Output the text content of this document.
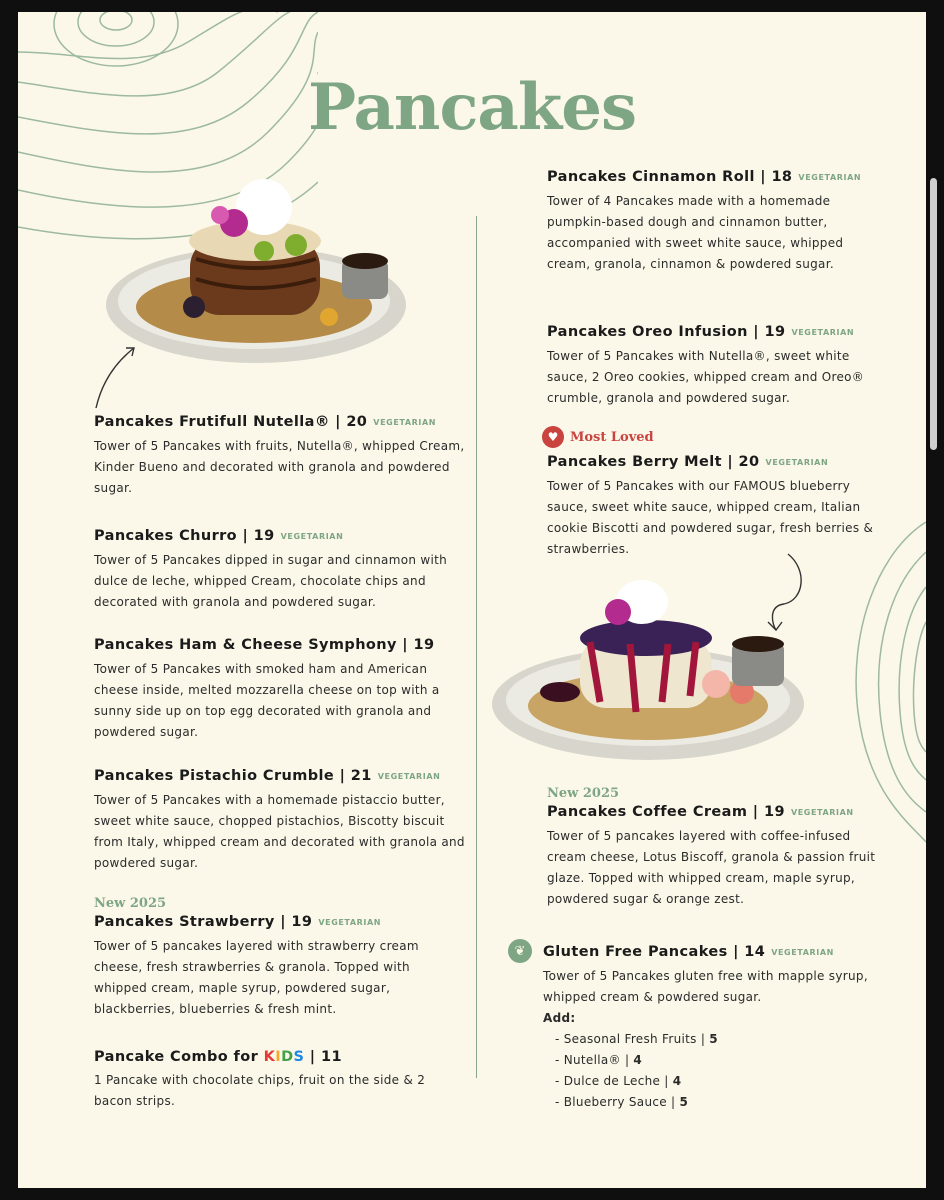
Pancakes
Pancakes Frutifull Nutella® | 20 VEGETARIAN
Tower of 5 Pancakes with fruits, Nutella®, whipped Cream, Kinder Bueno and decorated with granola and powdered sugar.
Pancakes Churro | 19 VEGETARIAN
Tower of 5 Pancakes dipped in sugar and cinnamon with dulce de leche, whipped Cream, chocolate chips and decorated with granola and powdered sugar.
Pancakes Ham & Cheese Symphony | 19
Tower of 5 Pancakes with smoked ham and American cheese inside, melted mozzarella cheese on top with a sunny side up on top egg decorated with granola and powdered sugar.
Pancakes Pistachio Crumble | 21 VEGETARIAN
Tower of 5 Pancakes with a homemade pistaccio butter, sweet white sauce, chopped pistachios, Biscotty biscuit from Italy, whipped cream and decorated with granola and powdered sugar.
New 2025
Pancakes Strawberry | 19 VEGETARIAN
Tower of 5 pancakes layered with strawberry cream cheese, fresh strawberries & granola. Topped with whipped cream, maple syrup, powdered sugar, blackberries, blueberries & fresh mint.
Pancake Combo for KIDS | 11
1 Pancake with chocolate chips, fruit on the side & 2 bacon strips.
Pancakes Cinnamon Roll | 18 VEGETARIAN
Tower of 4 Pancakes made with a homemade pumpkin-based dough and cinnamon butter, accompanied with sweet white sauce, whipped cream, granola, cinnamon & powdered sugar.
Pancakes Oreo Infusion | 19 VEGETARIAN
Tower of 5 Pancakes with Nutella®, sweet white sauce, 2 Oreo cookies, whipped cream and Oreo® crumble, granola and powdered sugar.
♥ Most Loved
Pancakes Berry Melt | 20 VEGETARIAN
Tower of 5 Pancakes with our FAMOUS blueberry sauce, sweet white sauce, whipped cream, Italian cookie Biscotti and powdered sugar, fresh berries & strawberries.
New 2025
Pancakes Coffee Cream | 19 VEGETARIAN
Tower of 5 pancakes layered with coffee-infused cream cheese, Lotus Biscoff, granola & passion fruit glaze. Topped with whipped cream, maple syrup, powdered sugar & orange zest.
❦	Gluten Free Pancakes | 14 VEGETARIAN
Tower of 5 Pancakes gluten free with mapple syrup, whipped cream & powdered sugar.
Add:
- Seasonal Fresh Fruits | 5
- Nutella® | 4
- Dulce de Leche | 4
- Blueberry Sauce | 5
